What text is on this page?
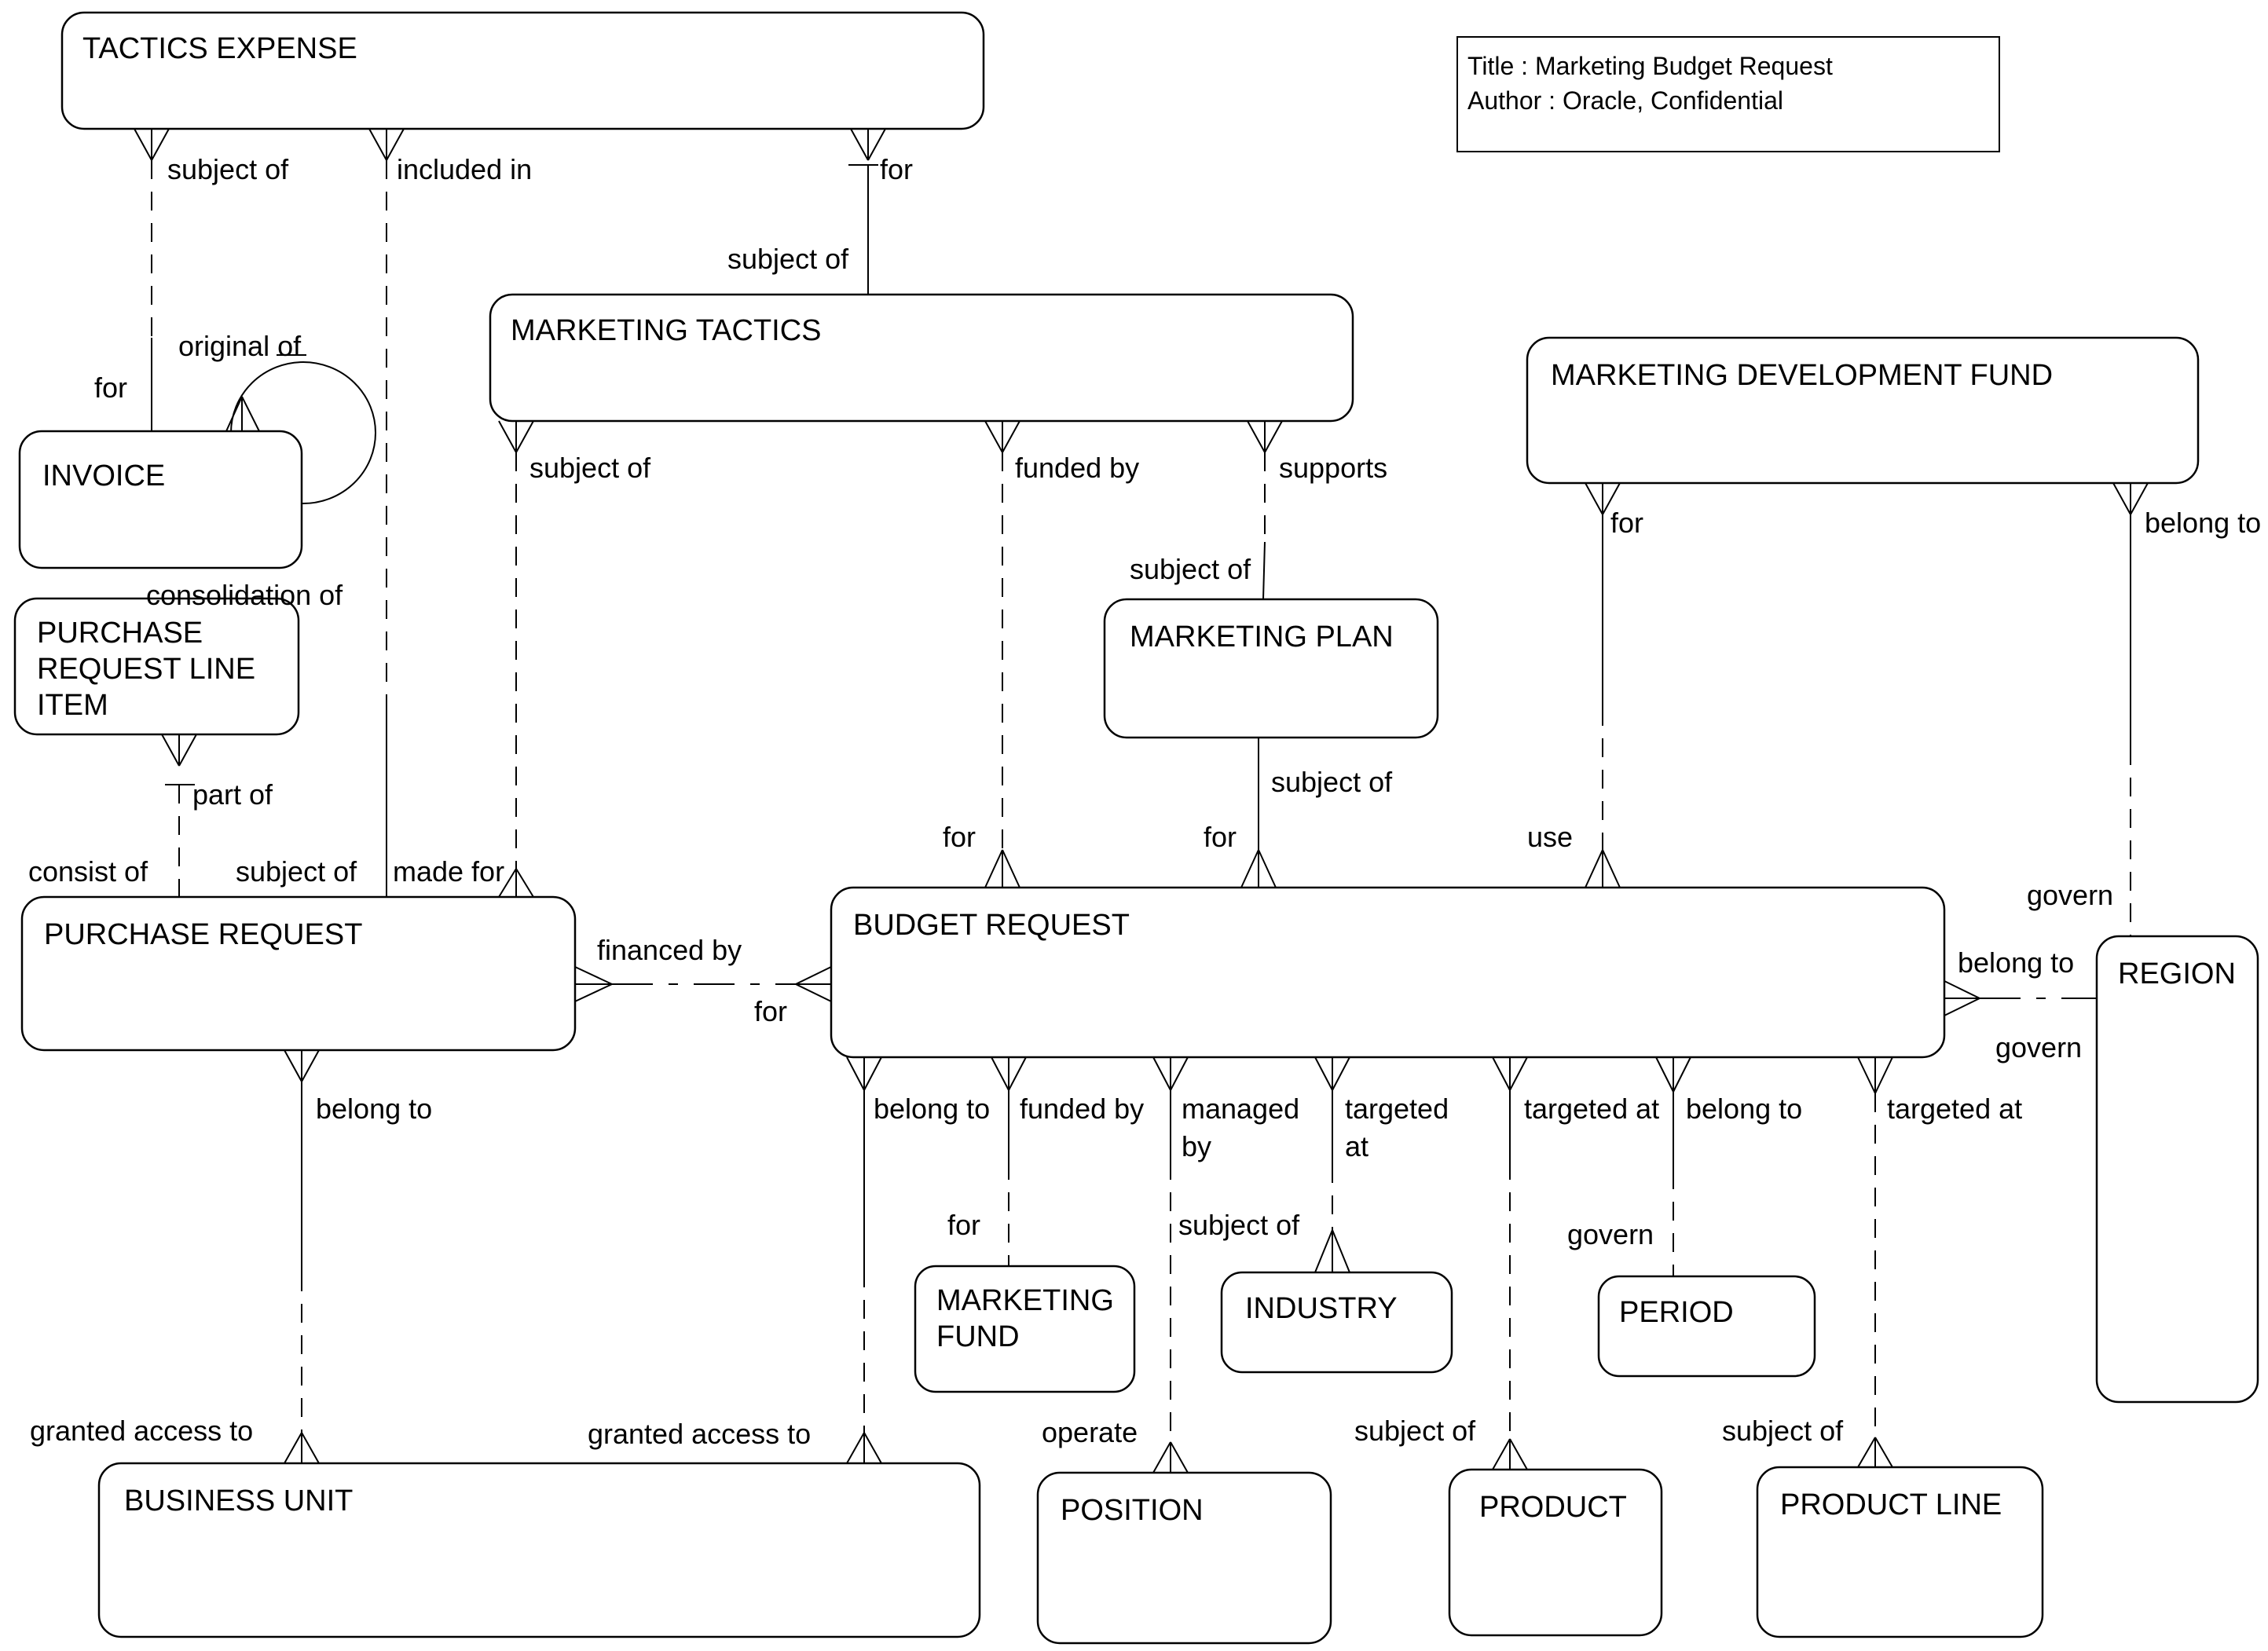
TACTICS EXPENSE
INVOICE
PURCHASE
REQUEST LINE
ITEM
MARKETING TACTICS
MARKETING DEVELOPMENT FUND
MARKETING PLAN
PURCHASE REQUEST	BUDGET REQUEST
REGION
MARKETING
FUND
INDUSTRY	PERIOD
BUSINESS UNIT	POSITION	PRODUCT	PRODUCT LINE
Title : Marketing Budget Request
Author : Oracle, Confidential
subject of	included in	for
original of
for
consolidation of
subject of
part of
consist of	subject of made for
subject of	funded by	supports
for	belong to
subject of
subject of
for	for	use
financed by
for
govern
belong to
govern
belong to	belong to funded by managed
by
targeted
at
targeted at belong to	targeted at
for	subject of	govern
granted access to	granted access to	operate	subject of	subject of
